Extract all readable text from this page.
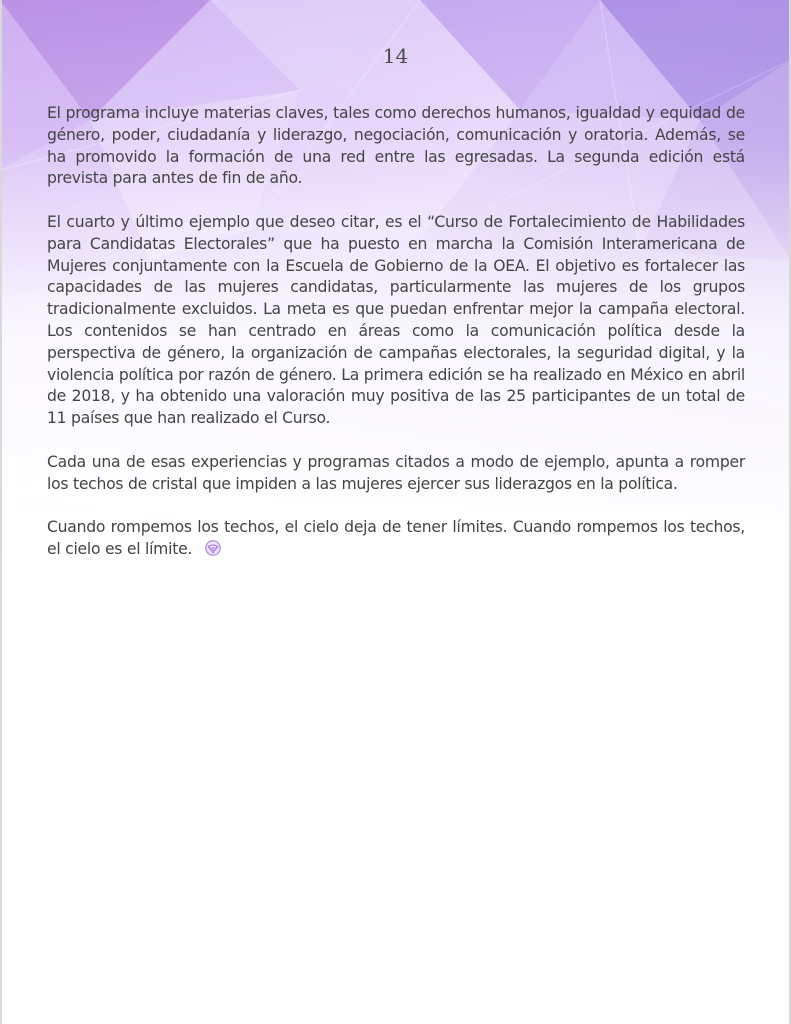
14

El programa incluye materias claves, tales como derechos humanos, igualdad y equidad de género, poder, ciudadanía y liderazgo, negociación, comunicación y oratoria. Además, se ha promovido la formación de una red entre las egresadas. La segunda edición está prevista para antes de fin de año.

El cuarto y último ejemplo que deseo citar, es el “Curso de Fortalecimiento de Habilidades para Candidatas Electorales” que ha puesto en marcha la Comisión Interamericana de Mujeres conjuntamente con la Escuela de Gobierno de la OEA. El objetivo es fortalecer las capacidades de las mujeres candidatas, particularmente las mujeres de los grupos tradicionalmente excluidos. La meta es que puedan enfrentar mejor la campaña electoral. Los contenidos se han centrado en áreas como la comunicación política desde la perspectiva de género, la organización de campañas electorales, la seguridad digital, y la violencia política por razón de género. La primera edición se ha realizado en México en abril de 2018, y ha obtenido una valoración muy positiva de las 25 participantes de un total de 11 países que han realizado el Curso.

Cada una de esas experiencias y programas citados a modo de ejemplo, apunta a romper los techos de cristal que impiden a las mujeres ejercer sus liderazgos en la política.

Cuando rompemos los techos, el cielo deja de tener límites. Cuando rompemos los techos, el cielo es el límite.
